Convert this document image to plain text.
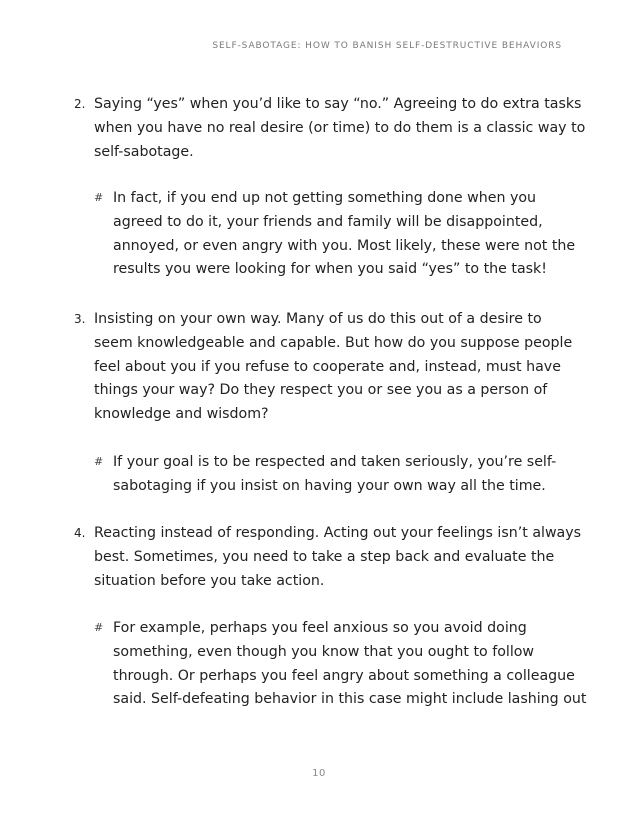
SELF-SABOTAGE: HOW TO BANISH SELF-DESTRUCTIVE BEHAVIORS
2. Saying “yes” when you’d like to say “no.” Agreeing to do extra tasks
when you have no real desire (or time) to do them is a classic way to
self-sabotage.
# In fact, if you end up not getting something done when you
agreed to do it, your friends and family will be disappointed,
annoyed, or even angry with you. Most likely, these were not the
results you were looking for when you said “yes” to the task!
3. Insisting on your own way. Many of us do this out of a desire to
seem knowledgeable and capable. But how do you suppose people
feel about you if you refuse to cooperate and, instead, must have
things your way? Do they respect you or see you as a person of
knowledge and wisdom?
# If your goal is to be respected and taken seriously, you’re self-
sabotaging if you insist on having your own way all the time.
4. Reacting instead of responding. Acting out your feelings isn’t always
best. Sometimes, you need to take a step back and evaluate the
situation before you take action.
# For example, perhaps you feel anxious so you avoid doing
something, even though you know that you ought to follow
through. Or perhaps you feel angry about something a colleague
said. Self-defeating behavior in this case might include lashing out
10
